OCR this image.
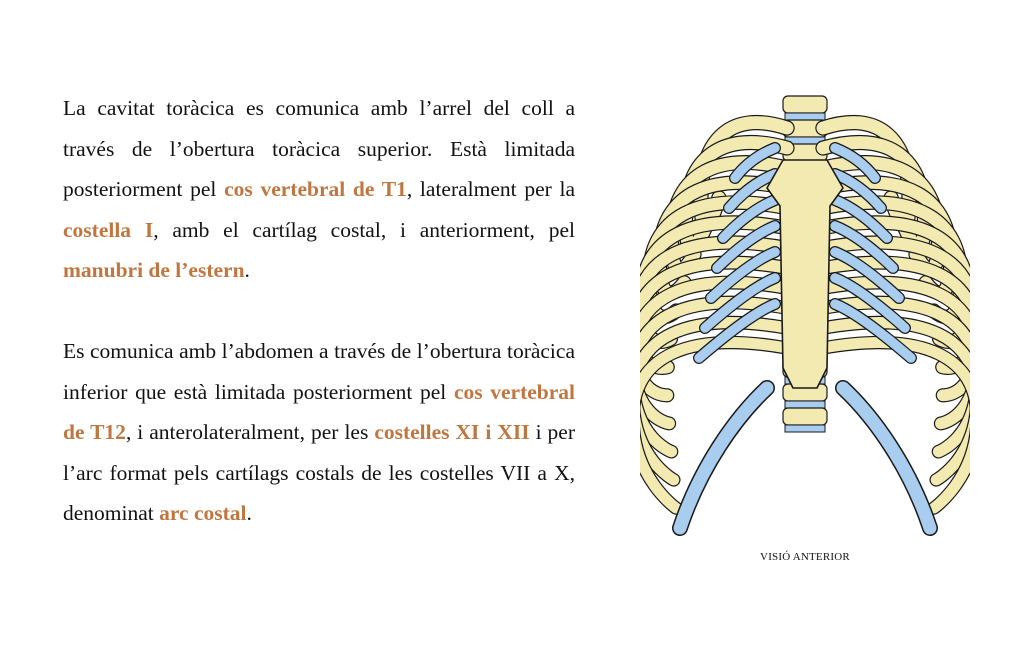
La cavitat toràcica es comunica amb l’arrel del coll a través de l’obertura toràcica superior. Està limitada posteriorment pel cos vertebral de T1, lateralment per la costella I, amb el cartílag costal, i anteriorment, pel manubri de l’estern.

Es comunica amb l’abdomen a través de l’obertura toràcica inferior que està limitada posteriorment pel cos vertebral de T12, i anterolateralment, per les costelles XI i XII i per l’arc format pels cartílags costals de les costelles VII a X, denominat arc costal.

VISIÓ ANTERIOR
